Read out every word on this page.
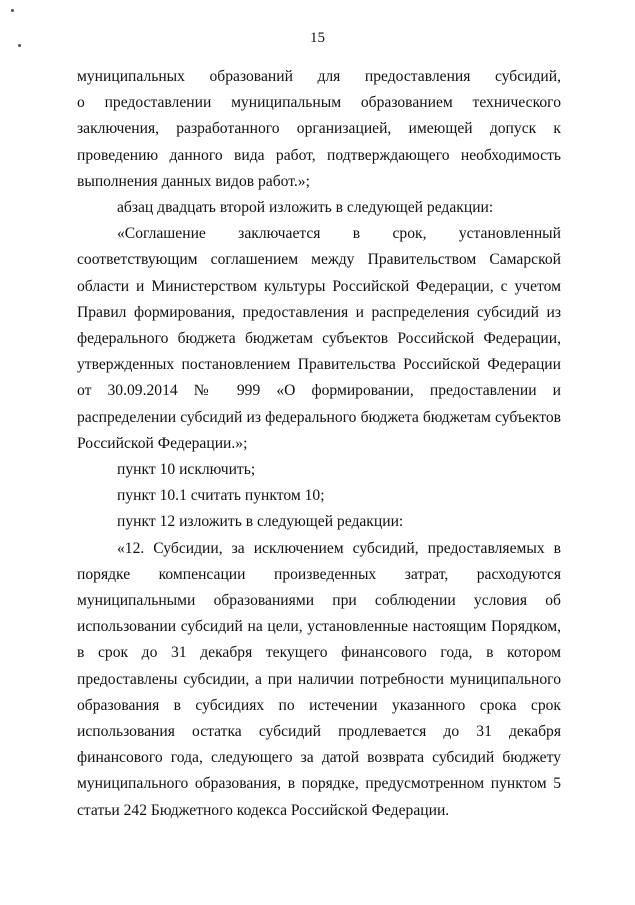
15

муниципальных образований для предоставления субсидий,

о предоставлении муниципальным образованием технического заключения, разработанного организацией, имеющей допуск к проведению данного вида работ, подтверждающего необходимость выполнения данных видов работ.»;

абзац двадцать второй изложить в следующей редакции:

«Соглашение заключается в срок, установленный соответствующим соглашением между Правительством Самарской области и Министерством культуры Российской Федерации, с учетом Правил формирования, предоставления и распределения субсидий из федерального бюджета бюджетам субъектов Российской Федерации, утвержденных постановлением Правительства Российской Федерации от 30.09.2014 № 999 «О формировании, предоставлении и распределении субсидий из федерального бюджета бюджетам субъектов Российской Федерации.»;

пункт 10 исключить;

пункт 10.1 считать пунктом 10;

пункт 12 изложить в следующей редакции:

«12. Субсидии, за исключением субсидий, предоставляемых в порядке компенсации произведенных затрат, расходуются муниципальными образованиями при соблюдении условия об использовании субсидий на цели, установленные настоящим Порядком, в срок до 31 декабря текущего финансового года, в котором предоставлены субсидии, а при наличии потребности муниципального образования в субсидиях по истечении указанного срока срок использования остатка субсидий продлевается до 31 декабря финансового года, следующего за датой возврата субсидий бюджету муниципального образования, в порядке, предусмотренном пунктом 5 статьи 242 Бюджетного кодекса Российской Федерации.
